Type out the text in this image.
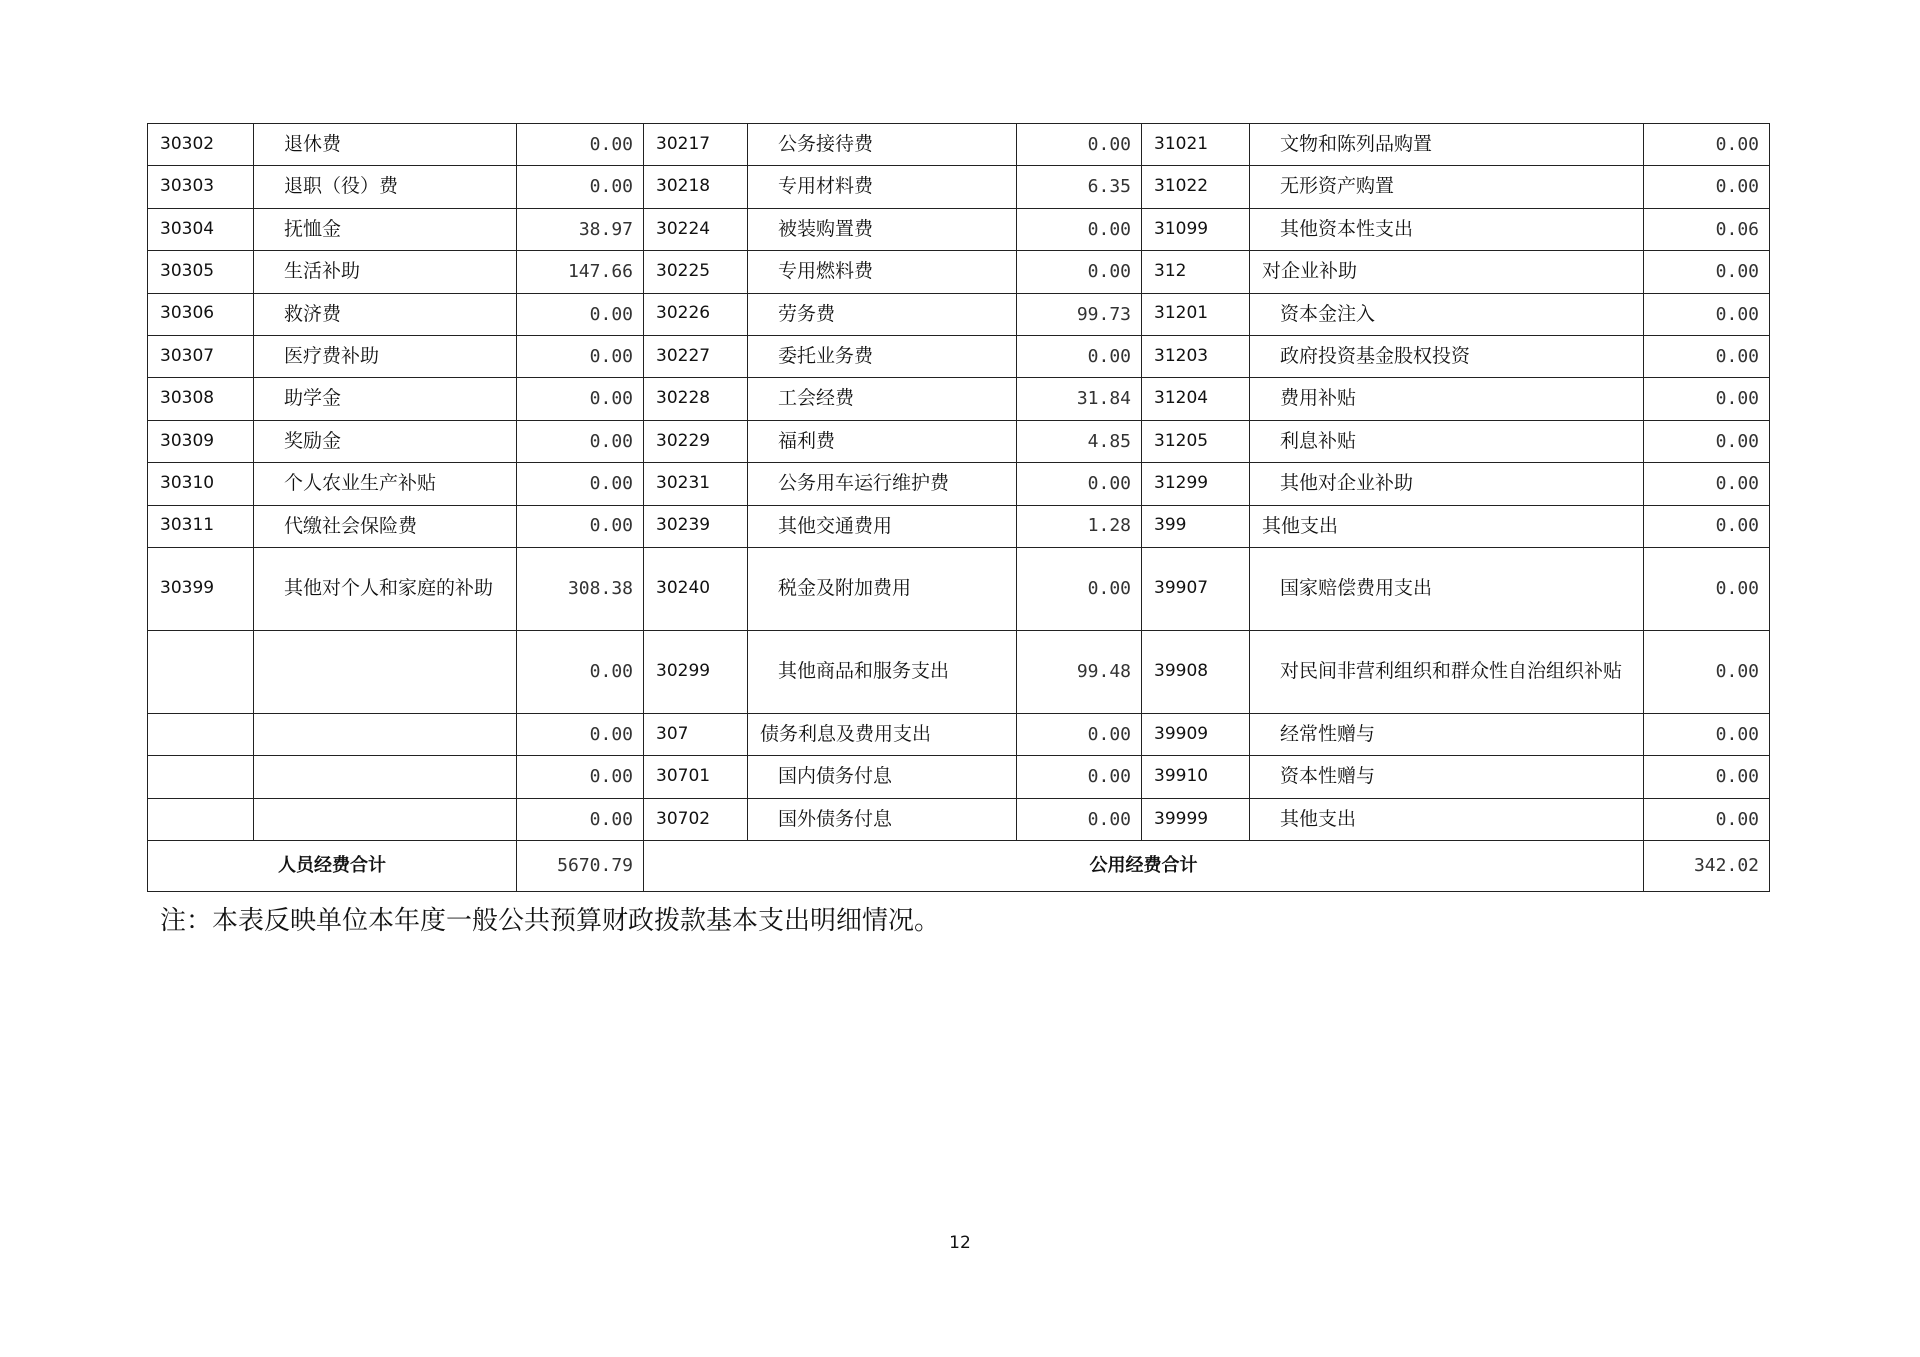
30302	退休费	0.00	30217	公务接待费	0.00	31021	文物和陈列品购置	0.00
30303	退职（役）费	0.00	30218	专用材料费	6.35	31022	无形资产购置	0.00
30304	抚恤金	38.97	30224	被装购置费	0.00	31099	其他资本性支出	0.06
30305	生活补助	147.66	30225	专用燃料费	0.00	312	对企业补助	0.00
30306	救济费	0.00	30226	劳务费	99.73	31201	资本金注入	0.00
30307	医疗费补助	0.00	30227	委托业务费	0.00	31203	政府投资基金股权投资	0.00
30308	助学金	0.00	30228	工会经费	31.84	31204	费用补贴	0.00
30309	奖励金	0.00	30229	福利费	4.85	31205	利息补贴	0.00
30310	个人农业生产补贴	0.00	30231	公务用车运行维护费	0.00	31299	其他对企业补助	0.00
30311	代缴社会保险费	0.00	30239	其他交通费用	1.28	399	其他支出	0.00
30399	其他对个人和家庭的补助	308.38	30240	税金及附加费用	0.00	39907	国家赔偿费用支出	0.00
		0.00	30299	其他商品和服务支出	99.48	39908	对民间非营利组织和群众性自治组织补贴	0.00
		0.00	307	债务利息及费用支出	0.00	39909	经常性赠与	0.00
		0.00	30701	国内债务付息	0.00	39910	资本性赠与	0.00
		0.00	30702	国外债务付息	0.00	39999	其他支出	0.00
人员经费合计		5670.79	公用经费合计					342.02

注：本表反映单位本年度一般公共预算财政拨款基本支出明细情况。

12
